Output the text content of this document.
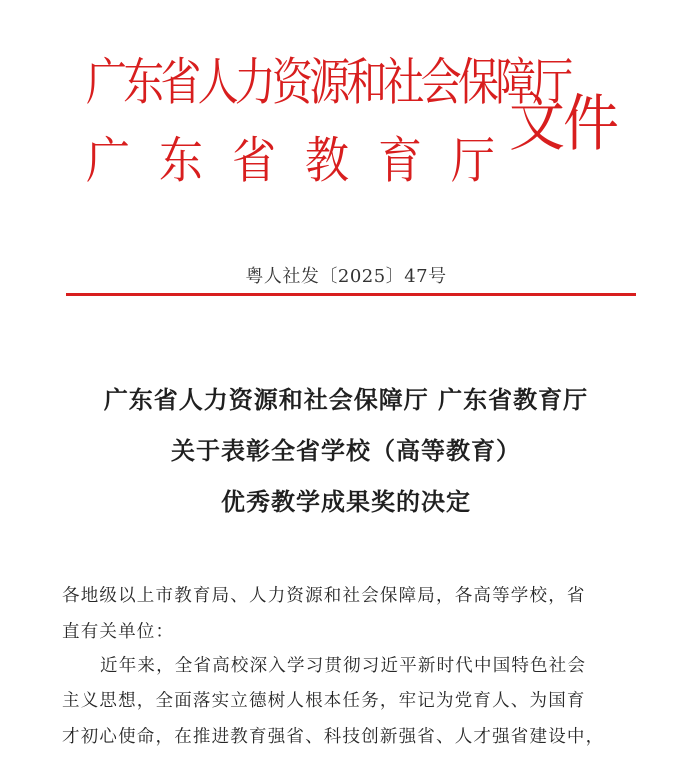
广东省人力资源和社会保障厅
广东省教育厅
文件
粤人社发〔2025〕47号
广东省人力资源和社会保障厅 广东省教育厅
关于表彰全省学校（高等教育）
优秀教学成果奖的决定
各地级以上市教育局、人力资源和社会保障局，各高等学校，省
直有关单位：
近年来，全省高校深入学习贯彻习近平新时代中国特色社会
主义思想，全面落实立德树人根本任务，牢记为党育人、为国育
才初心使命，在推进教育强省、科技创新强省、人才强省建设中，
